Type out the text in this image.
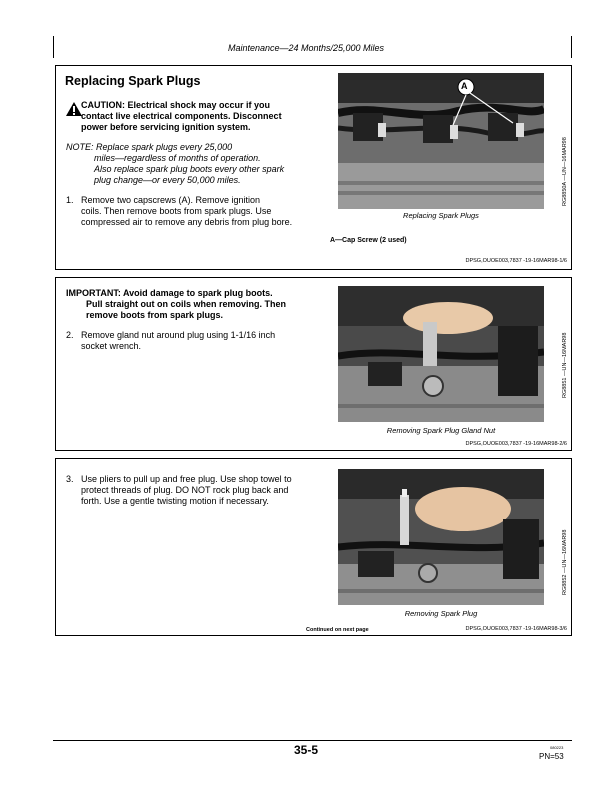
Maintenance—24 Months/25,000 Miles
Replacing Spark Plugs
CAUTION: Electrical shock may occur if you
contact live electrical components. Disconnect
power before servicing ignition system.
NOTE: Replace spark plugs every 25,000
miles—regardless of months of operation.
Also replace spark plug boots every other spark
plug change—or every 50,000 miles.
1. Remove two capscrews (A). Remove ignition
coils. Then remove boots from spark plugs. Use
compressed air to remove any debris from plug bore.
A
RG8850A —UN—16MAR98
Replacing Spark Plugs
A—Cap Screw (2 used)
DPSG,OUOE003,7837 -19-16MAR98-1/6
IMPORTANT: Avoid damage to spark plug boots.
Pull straight out on coils when removing. Then
remove boots from spark plugs.
2. Remove gland nut around plug using 1-1/16 inch
socket wrench.	RG8851 —UN—16MAR98
Removing Spark Plug Gland Nut
DPSG,OUOE003,7837 -19-16MAR98-2/6
3. Use pliers to pull up and free plug. Use shop towel to
protect threads of plug. DO NOT rock plug back and
forth. Use a gentle twisting motion if necessary.
RG8852 —UN—16MAR98
Removing Spark Plug
Continued on next page	DPSG,OUOE003,7837 -19-16MAR98-3/6
35-5	080223
PN=53
